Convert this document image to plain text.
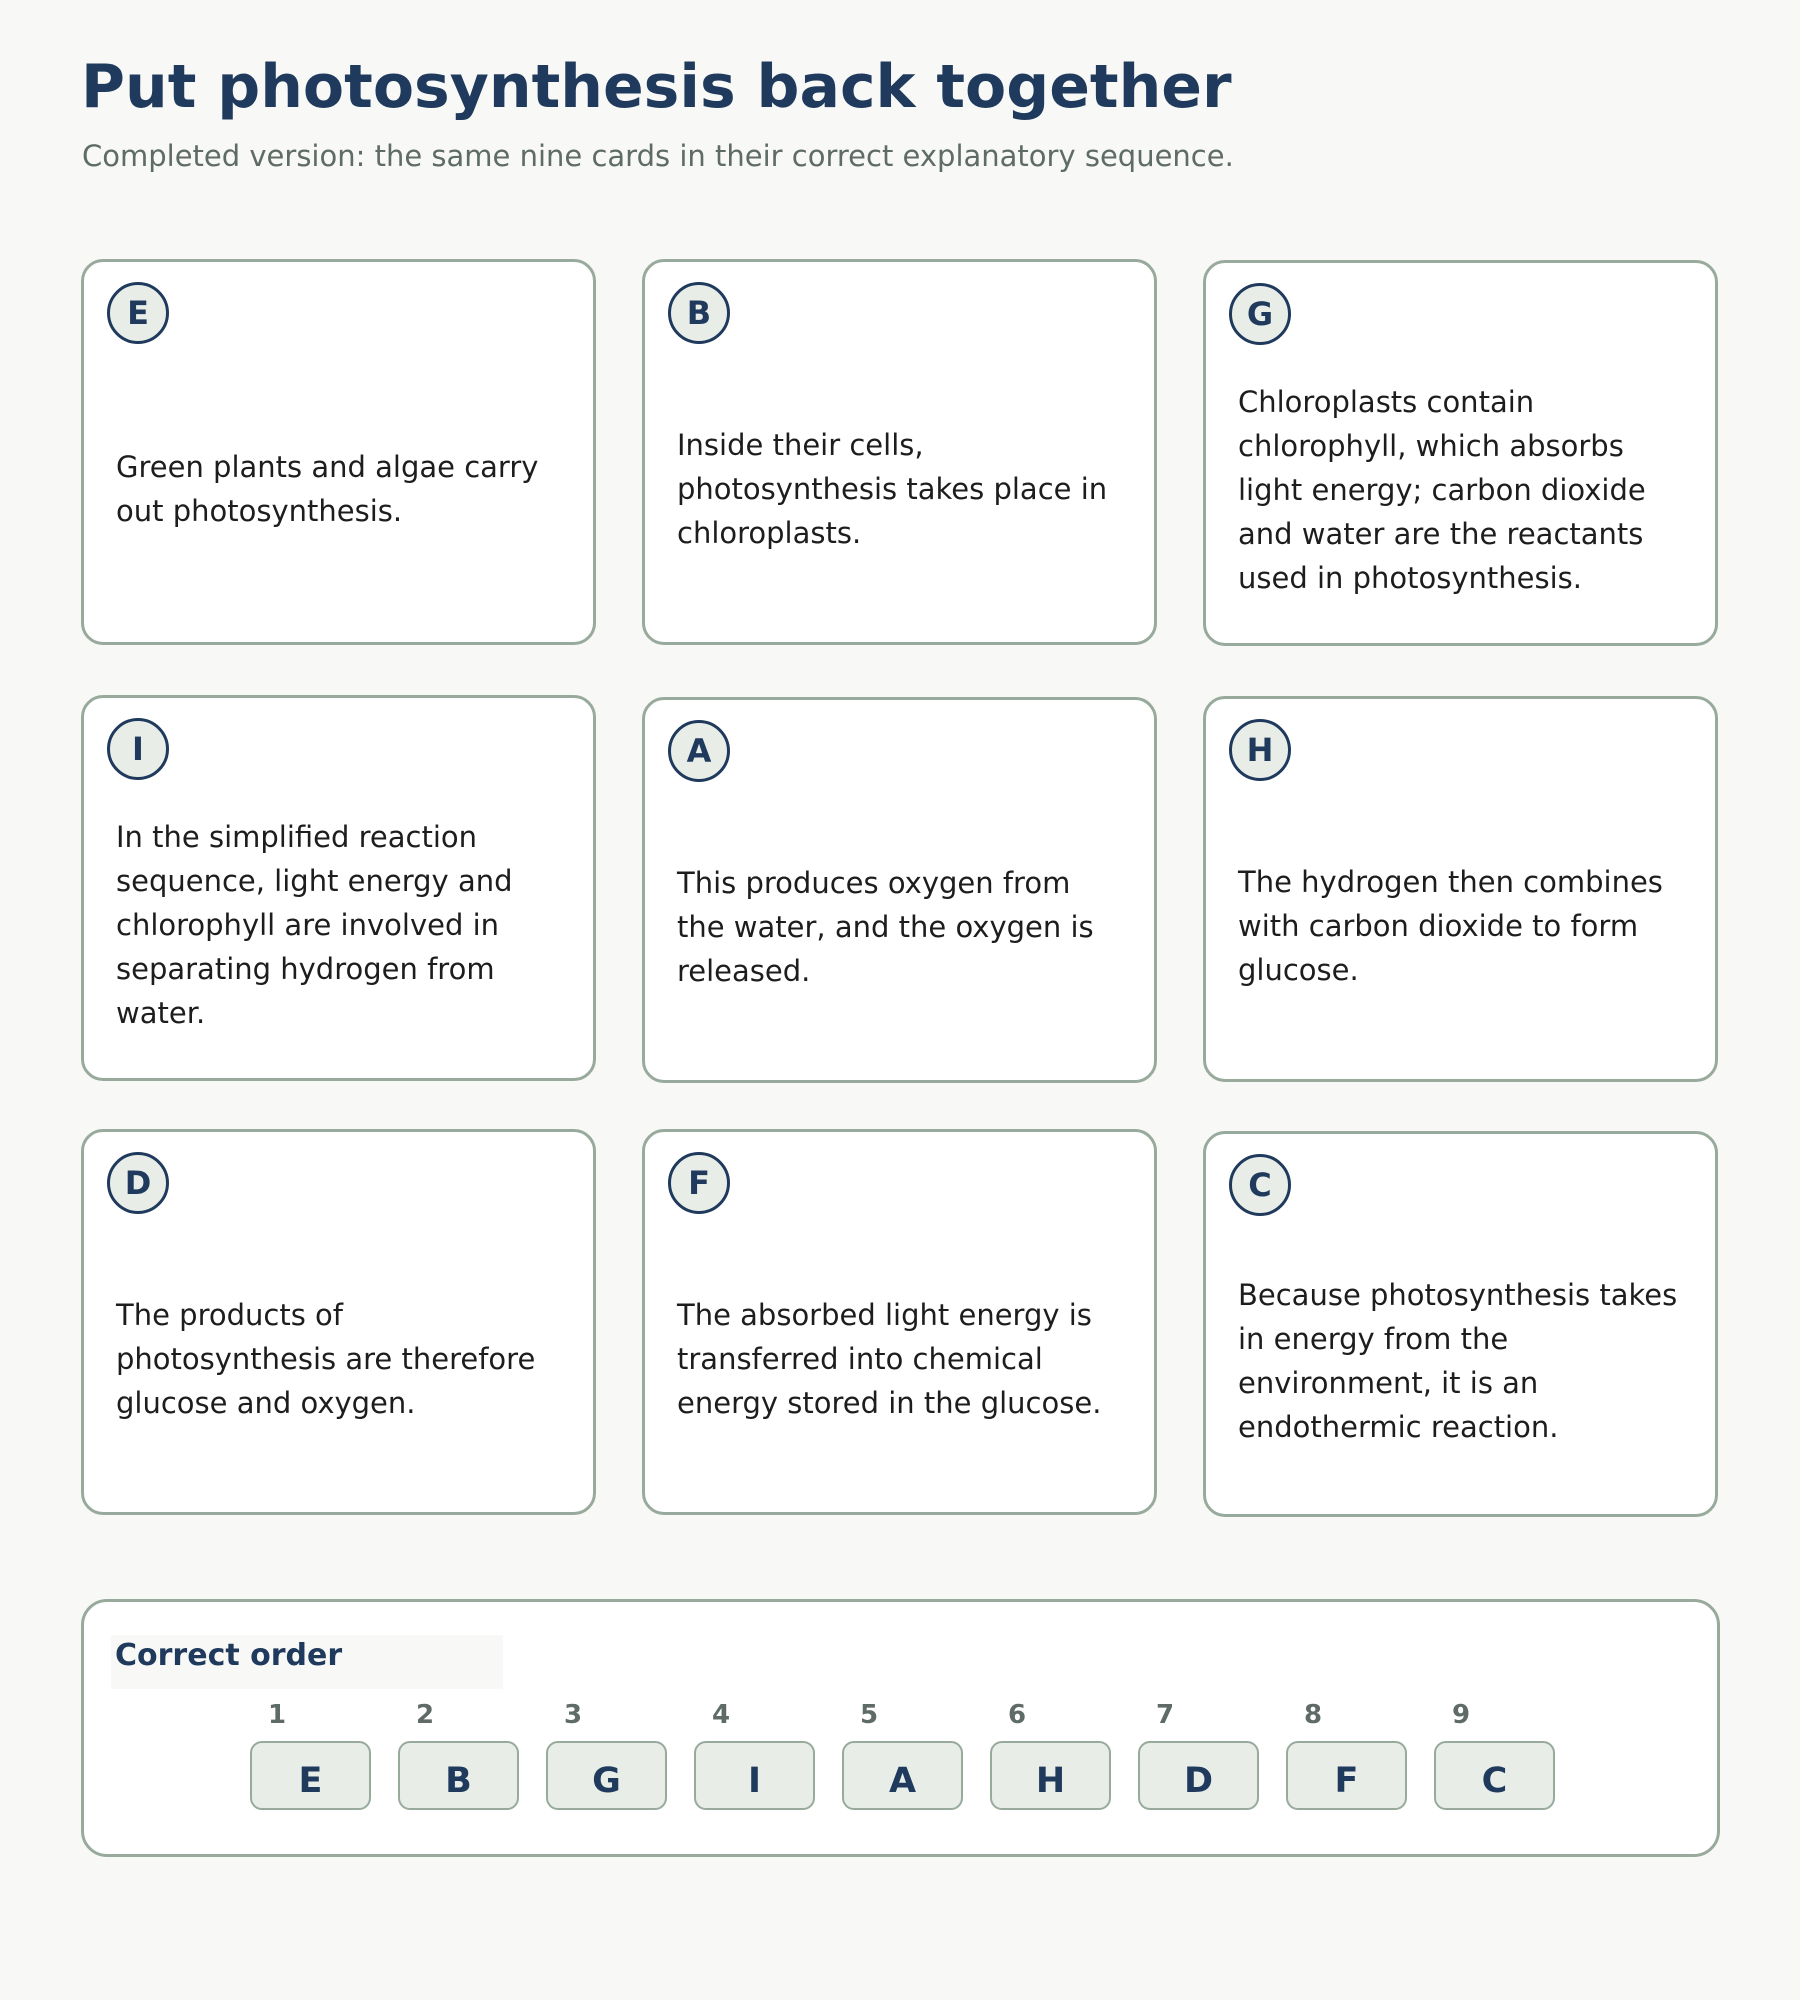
Put photosynthesis back together

Completed version: the same nine cards in their correct explanatory sequence.

E
Green plants and algae carry out photosynthesis.
B
Inside their cells, photosynthesis takes place in chloroplasts.
G
Chloroplasts contain chlorophyll, which absorbs light energy; carbon dioxide and water are the reactants used in photosynthesis.
I
In the simplified reaction sequence, light energy and chlorophyll are involved in separating hydrogen from water.
A
This produces oxygen from the water, and the oxygen is released.
H
The hydrogen then combines with carbon dioxide to form glucose.
D
The products of photosynthesis are therefore glucose and oxygen.
F
The absorbed light energy is transferred into chemical energy stored in the glucose.
C
Because photosynthesis takes in energy from the environment, it is an endothermic reaction.
Correct order
1
E
2
B
3
G
4
I
5
A
6
H
7
D
8
F
9
C
